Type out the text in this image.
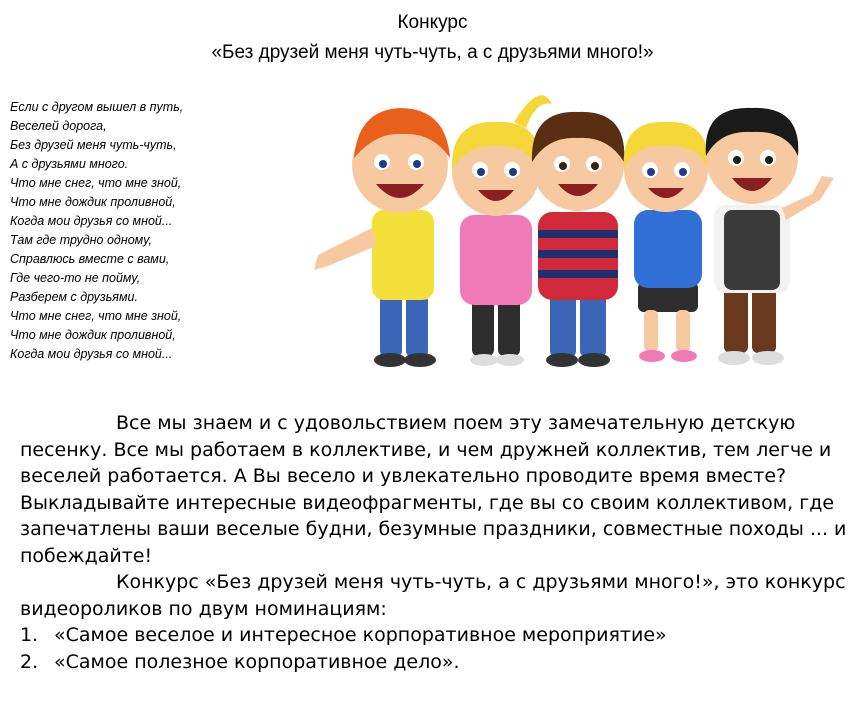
Конкурс
«Без друзей меня чуть-чуть, а с друзьями много!»
Если с другом вышел в путь,
Веселей дорога,
Без друзей меня чуть-чуть,
А с друзьями много.
Что мне снег, что мне зной,
Что мне дождик проливной,
Когда мои друзья со мной...
Там где трудно одному,
Справлюсь вместе с вами,
Где чего-то не пойму,
Разберем с друзьями.
Что мне снег, что мне зной,
Что мне дождик проливной,
Когда мои друзья со мной...

Все мы знаем и с удовольствием поем эту замечательную детскую песенку. Все мы работаем в коллективе, и чем дружней коллектив, тем легче и веселей работается. А Вы весело и увлекательно проводите время вместе? Выкладывайте интересные видеофрагменты, где вы со своим коллективом, где запечатлены ваши веселые будни, безумные праздники, совместные походы ... и побеждайте!

Конкурс «Без друзей меня чуть-чуть, а с друзьями много!», это конкурс видеороликов по двум номинациям:

1. «Самое веселое и интересное корпоративное мероприятие»
2. «Самое полезное корпоративное дело».
